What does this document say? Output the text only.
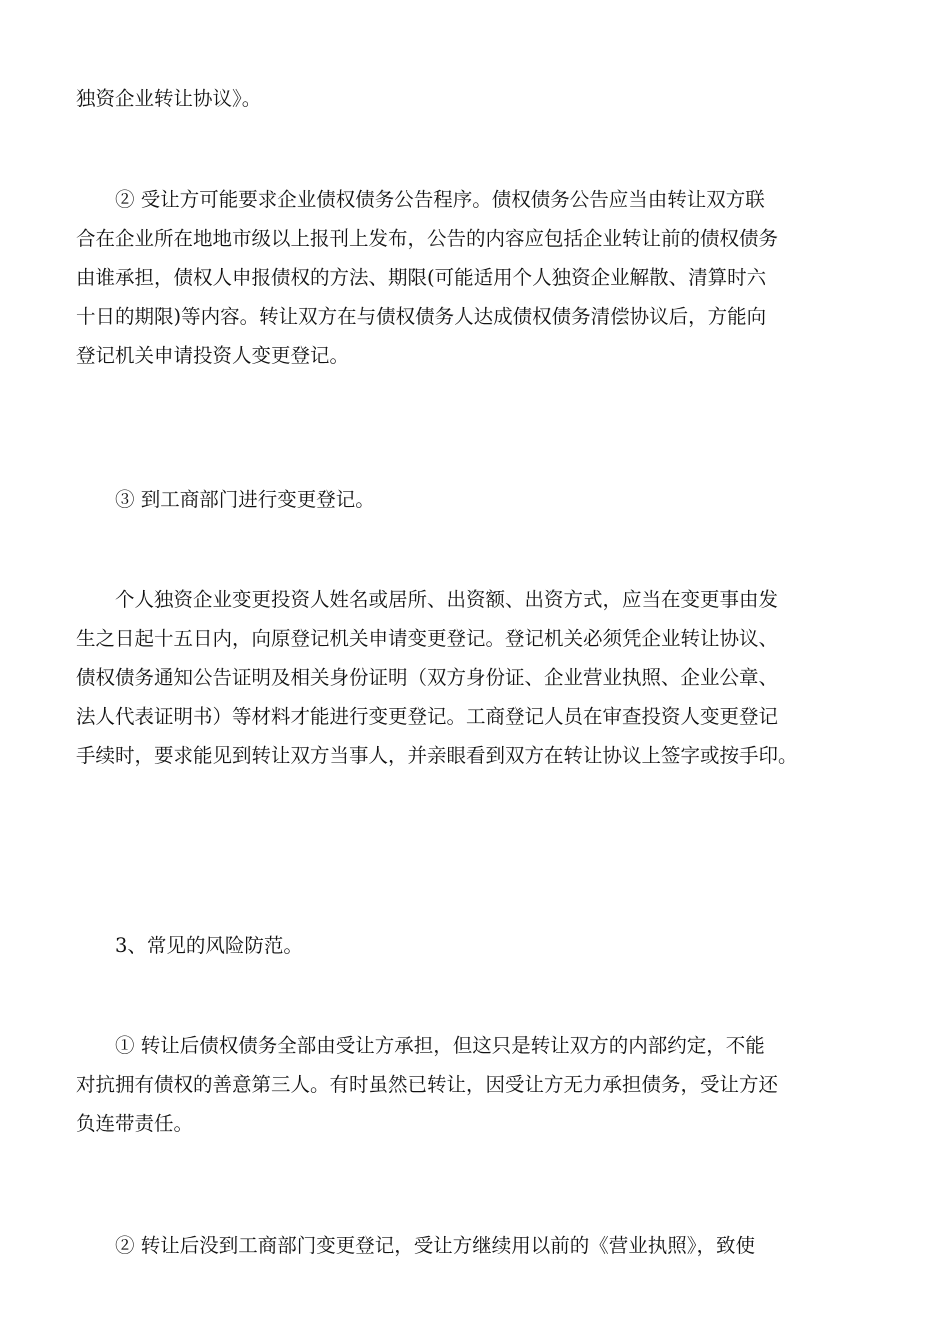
独资企业转让协议》。

② 受让方可能要求企业债权债务公告程序。债权债务公告应当由转让双方联
合在企业所在地地市级以上报刊上发布，公告的内容应包括企业转让前的债权债务
由谁承担，债权人申报债权的方法、期限(可能适用个人独资企业解散、清算时六
十日的期限)等内容。转让双方在与债权债务人达成债权债务清偿协议后，方能向
登记机关申请投资人变更登记。

③ 到工商部门进行变更登记。

个人独资企业变更投资人姓名或居所、出资额、出资方式，应当在变更事由发
生之日起十五日内，向原登记机关申请变更登记。登记机关必须凭企业转让协议、
债权债务通知公告证明及相关身份证明（双方身份证、企业营业执照、企业公章、
法人代表证明书）等材料才能进行变更登记。工商登记人员在审查投资人变更登记
手续时，要求能见到转让双方当事人，并亲眼看到双方在转让协议上签字或按手印。

3、常见的风险防范。

① 转让后债权债务全部由受让方承担，但这只是转让双方的内部约定，不能
对抗拥有债权的善意第三人。有时虽然已转让，因受让方无力承担债务，受让方还
负连带责任。

② 转让后没到工商部门变更登记，受让方继续用以前的《营业执照》，致使
